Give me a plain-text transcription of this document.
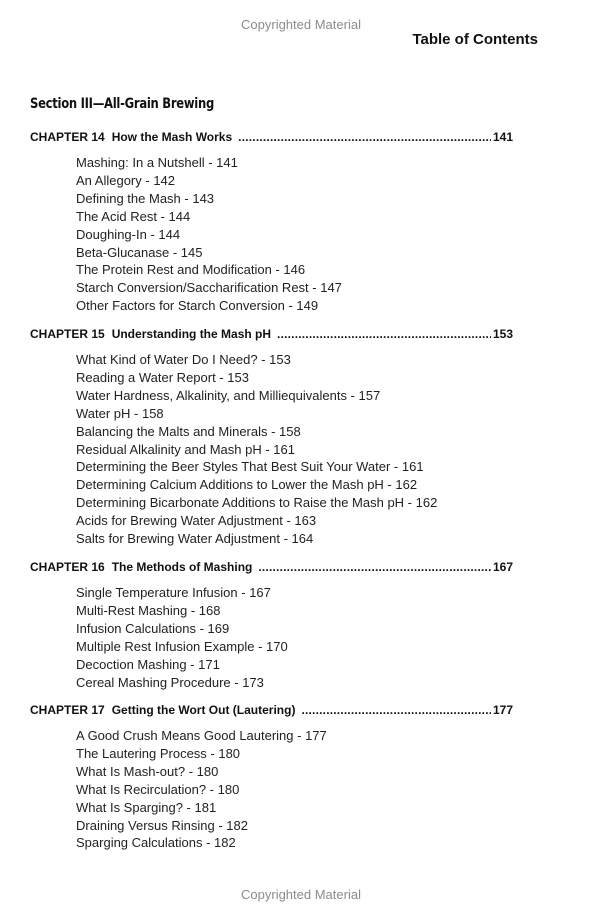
Copyrighted Material
Table of Contents
Section III—All-Grain Brewing
CHAPTER 14 How the Mash Works .....	141
Mashing: In a Nutshell - 141
An Allegory - 142
Defining the Mash - 143
The Acid Rest - 144
Doughing-In - 144
Beta-Glucanase - 145
The Protein Rest and Modification - 146
Starch Conversion/Saccharification Rest - 147
Other Factors for Starch Conversion - 149
CHAPTER 15 Understanding the Mash pH .....	153
What Kind of Water Do I Need? - 153
Reading a Water Report - 153
Water Hardness, Alkalinity, and Milliequivalents - 157
Water pH - 158
Balancing the Malts and Minerals - 158
Residual Alkalinity and Mash pH - 161
Determining the Beer Styles That Best Suit Your Water - 161
Determining Calcium Additions to Lower the Mash pH - 162
Determining Bicarbonate Additions to Raise the Mash pH - 162
Acids for Brewing Water Adjustment - 163
Salts for Brewing Water Adjustment - 164
CHAPTER 16 The Methods of Mashing .....	167
Single Temperature Infusion - 167
Multi-Rest Mashing - 168
Infusion Calculations - 169
Multiple Rest Infusion Example - 170
Decoction Mashing - 171
Cereal Mashing Procedure - 173
CHAPTER 17 Getting the Wort Out (Lautering) .....	177
A Good Crush Means Good Lautering - 177
The Lautering Process - 180
What Is Mash-out? - 180
What Is Recirculation? - 180
What Is Sparging? - 181
Draining Versus Rinsing - 182
Sparging Calculations - 182
Copyrighted Material
